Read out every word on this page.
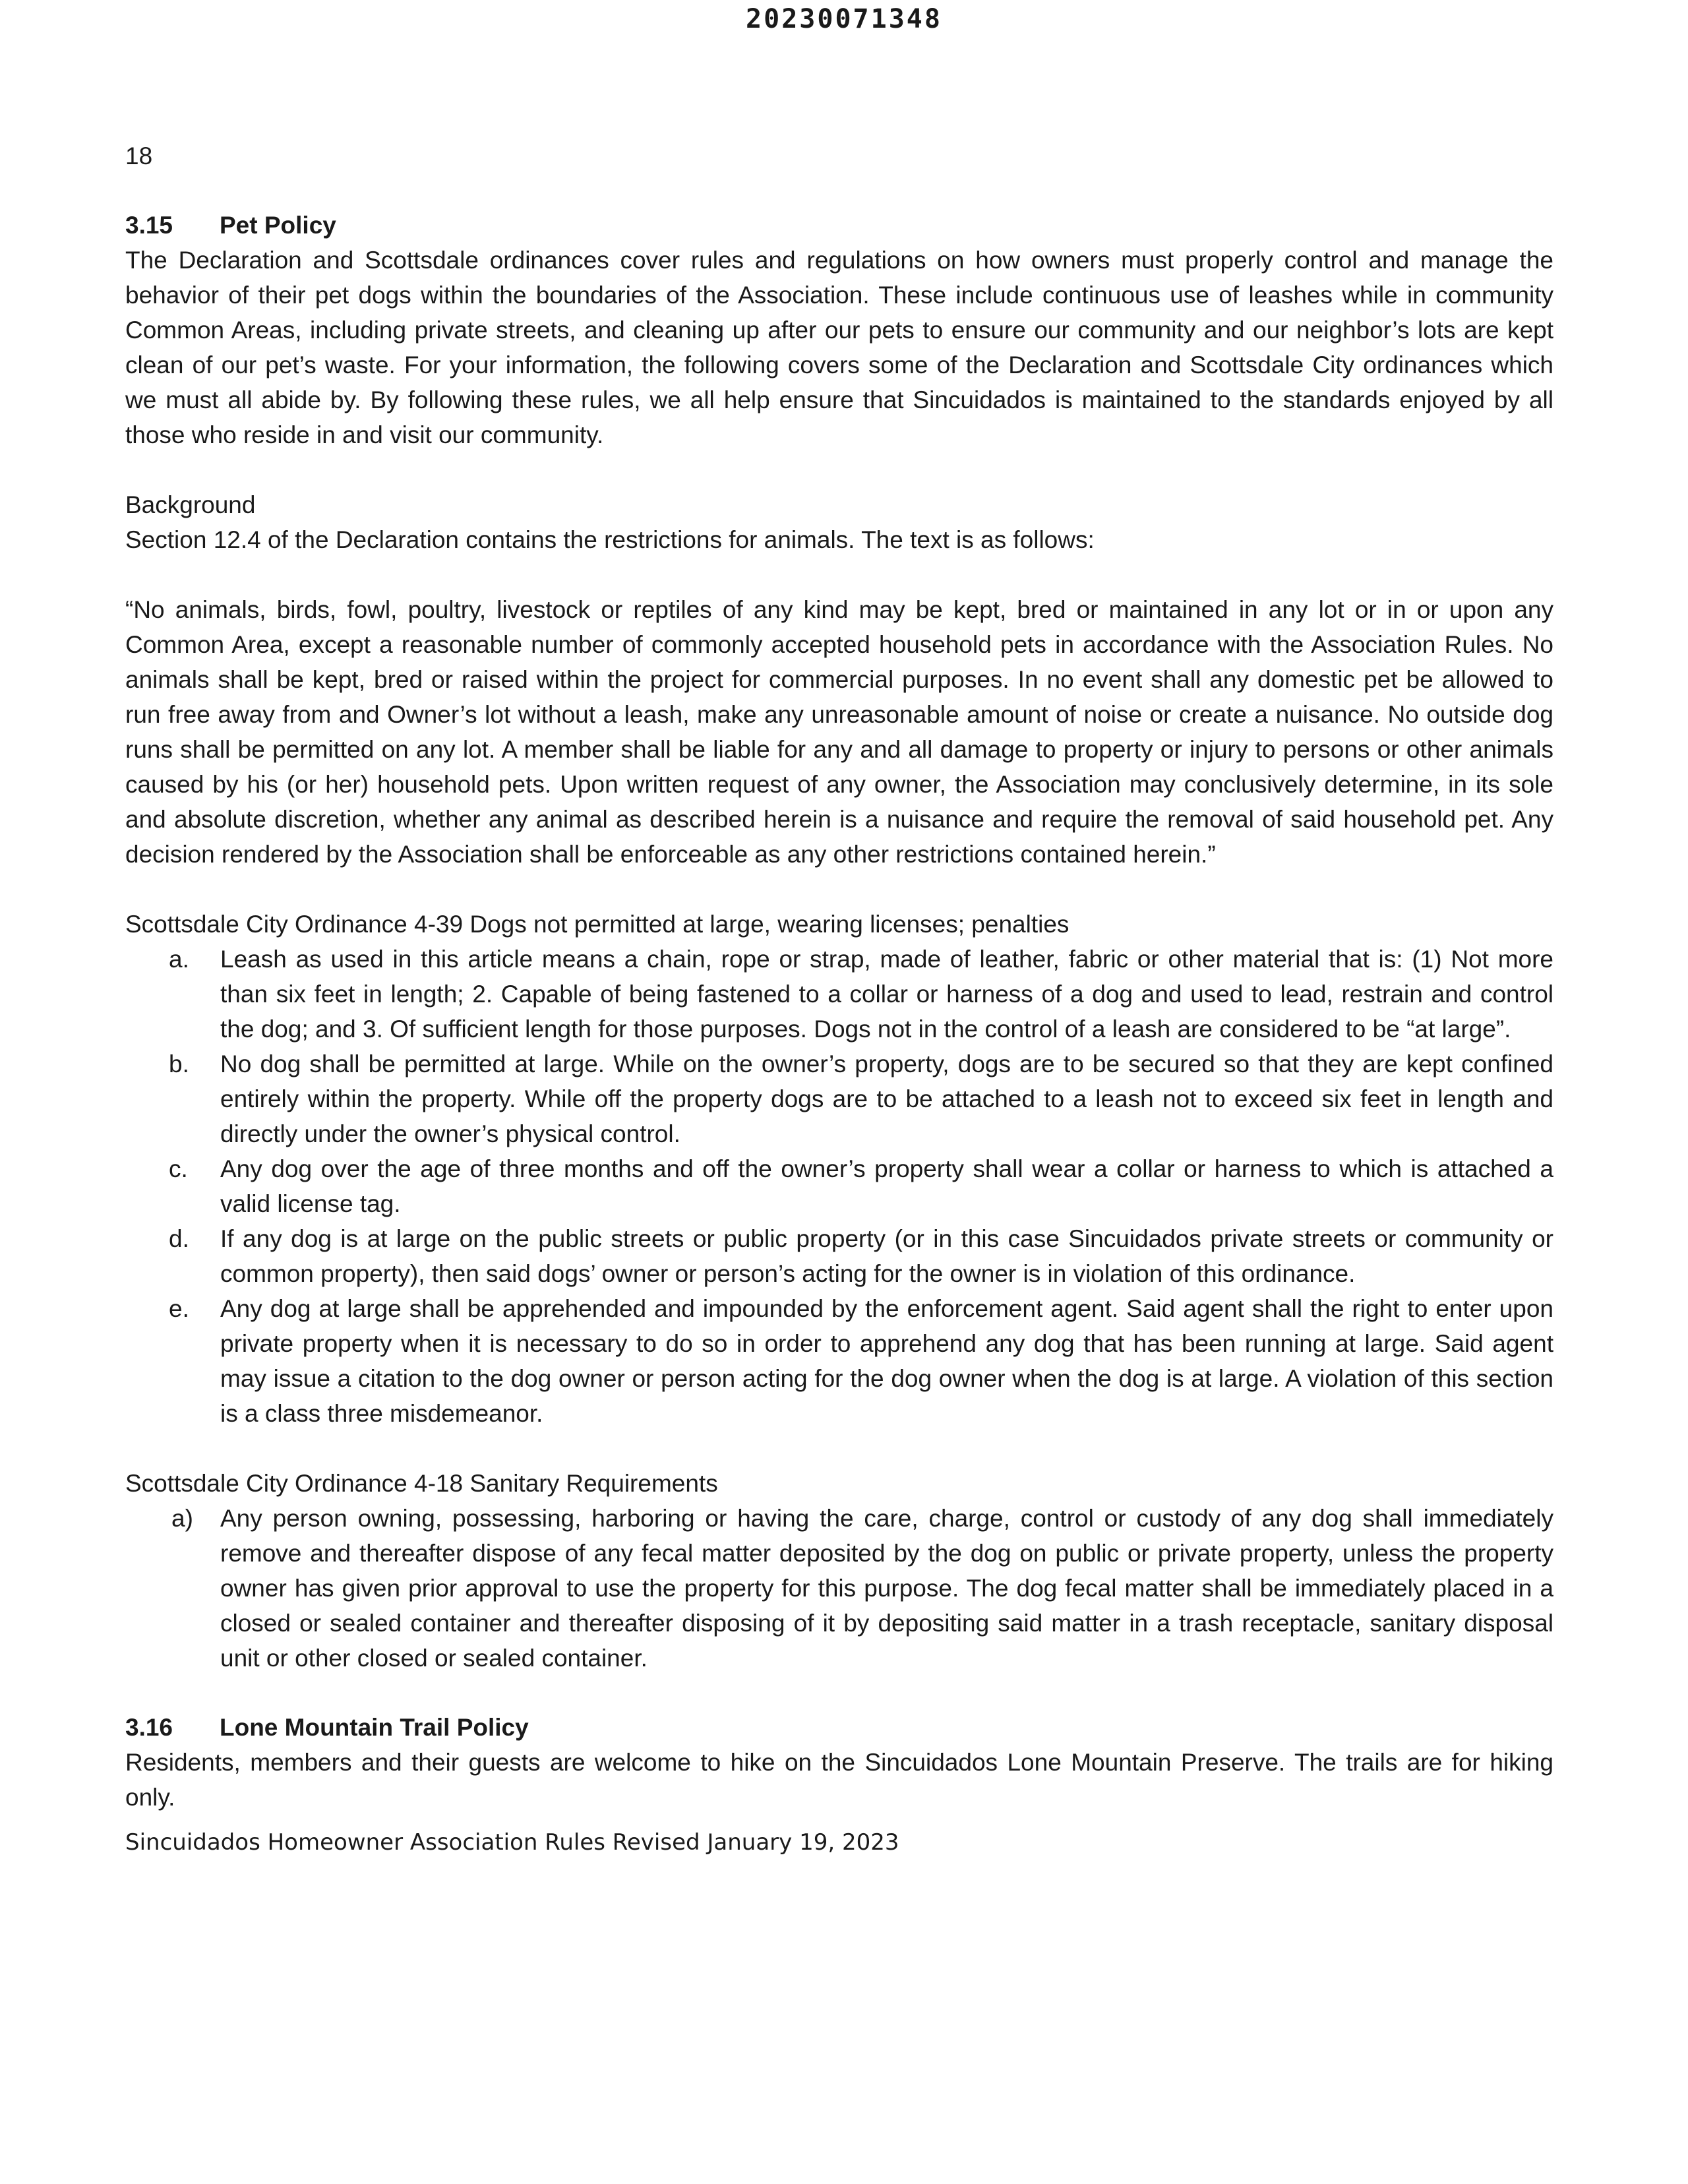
20230071348

18

3.15 Pet Policy

The Declaration and Scottsdale ordinances cover rules and regulations on how owners must properly control and manage the behavior of their pet dogs within the boundaries of the Association. These include continuous use of leashes while in community Common Areas, including private streets, and cleaning up after our pets to ensure our community and our neighbor’s lots are kept clean of our pet’s waste. For your information, the following covers some of the Declaration and Scottsdale City ordinances which we must all abide by. By following these rules, we all help ensure that Sincuidados is maintained to the standards enjoyed by all those who reside in and visit our community.

Background

Section 12.4 of the Declaration contains the restrictions for animals. The text is as follows:

“No animals, birds, fowl, poultry, livestock or reptiles of any kind may be kept, bred or maintained in any lot or in or upon any Common Area, except a reasonable number of commonly accepted household pets in accordance with the Association Rules. No animals shall be kept, bred or raised within the project for commercial purposes. In no event shall any domestic pet be allowed to run free away from and Owner’s lot without a leash, make any unreasonable amount of noise or create a nuisance. No outside dog runs shall be permitted on any lot. A member shall be liable for any and all damage to property or injury to persons or other animals caused by his (or her) household pets. Upon written request of any owner, the Association may conclusively determine, in its sole and absolute discretion, whether any animal as described herein is a nuisance and require the removal of said household pet. Any decision rendered by the Association shall be enforceable as any other restrictions contained herein.”

Scottsdale City Ordinance 4-39 Dogs not permitted at large, wearing licenses; penalties

a. Leash as used in this article means a chain, rope or strap, made of leather, fabric or other material that is: (1) Not more than six feet in length; 2. Capable of being fastened to a collar or harness of a dog and used to lead, restrain and control the dog; and 3. Of sufficient length for those purposes. Dogs not in the control of a leash are considered to be “at large”.
b. No dog shall be permitted at large. While on the owner’s property, dogs are to be secured so that they are kept confined entirely within the property. While off the property dogs are to be attached to a leash not to exceed six feet in length and directly under the owner’s physical control.
c. Any dog over the age of three months and off the owner’s property shall wear a collar or harness to which is attached a valid license tag.
d. If any dog is at large on the public streets or public property (or in this case Sincuidados private streets or community or common property), then said dogs’ owner or person’s acting for the owner is in violation of this ordinance.
e. Any dog at large shall be apprehended and impounded by the enforcement agent. Said agent shall the right to enter upon private property when it is necessary to do so in order to apprehend any dog that has been running at large. Said agent may issue a citation to the dog owner or person acting for the dog owner when the dog is at large. A violation of this section is a class three misdemeanor.

Scottsdale City Ordinance 4-18 Sanitary Requirements

a) Any person owning, possessing, harboring or having the care, charge, control or custody of any dog shall immediately remove and thereafter dispose of any fecal matter deposited by the dog on public or private property, unless the property owner has given prior approval to use the property for this purpose. The dog fecal matter shall be immediately placed in a closed or sealed container and thereafter disposing of it by depositing said matter in a trash receptacle, sanitary disposal unit or other closed or sealed container.
3.16 Lone Mountain Trail Policy

Residents, members and their guests are welcome to hike on the Sincuidados Lone Mountain Preserve. The trails are for hiking only.

Sincuidados Homeowner Association Rules Revised January 19, 2023
